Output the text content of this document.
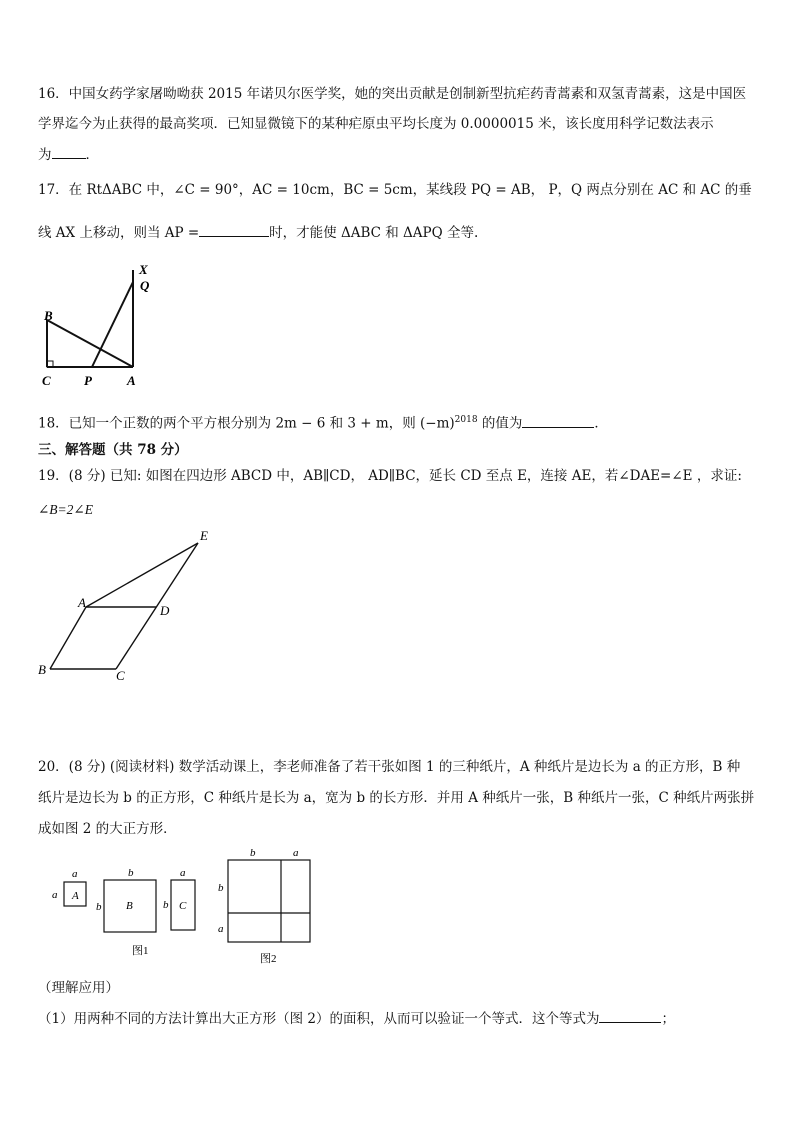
16．中国女药学家屠呦呦获 2015 年诺贝尔医学奖，她的突出贡献是创制新型抗疟药青蒿素和双氢青蒿素，这是中国医
学界迄今为止获得的最高奖项．已知显微镜下的某种疟原虫平均长度为 0.0000015 米，该长度用科学记数法表示
为	．
17．在 RtΔABC 中，∠C = 90°，AC = 10cm，BC = 5cm，某线段 PQ = AB， P，Q 两点分别在 AC 和 AC 的垂
线 AX 上移动，则当 AP =	时，才能使 ΔABC 和 ΔAPQ 全等.
X
Q
B
C	P	A
18．已知一个正数的两个平方根分别为 2m − 6 和 3 + m，则 $(-m)^{2018}$ 的值为	．
三、解答题（共 78 分）
19．(8 分) 已知: 如图在四边形 ABCD 中，AB∥CD， AD∥BC，延长 CD 至点 E，连接 AE，若∠DAE=∠E ，求证:
∠B=2∠E
E
A
D
B	C
20．(8 分) (阅读材料) 数学活动课上，李老师准备了若干张如图 1 的三种纸片，A 种纸片是边长为 a 的正方形，B 种
纸片是边长为 b 的正方形，C 种纸片是长为 a，宽为 b 的长方形．并用 A 种纸片一张，B 种纸片一张，C 种纸片两张拼
成如图 2 的大正方形．
A
a
a
B
b
b	C
a
b
图1
b	a
b
a
图2
（理解应用）
（1）用两种不同的方法计算出大正方形（图 2）的面积，从而可以验证一个等式．这个等式为	；
